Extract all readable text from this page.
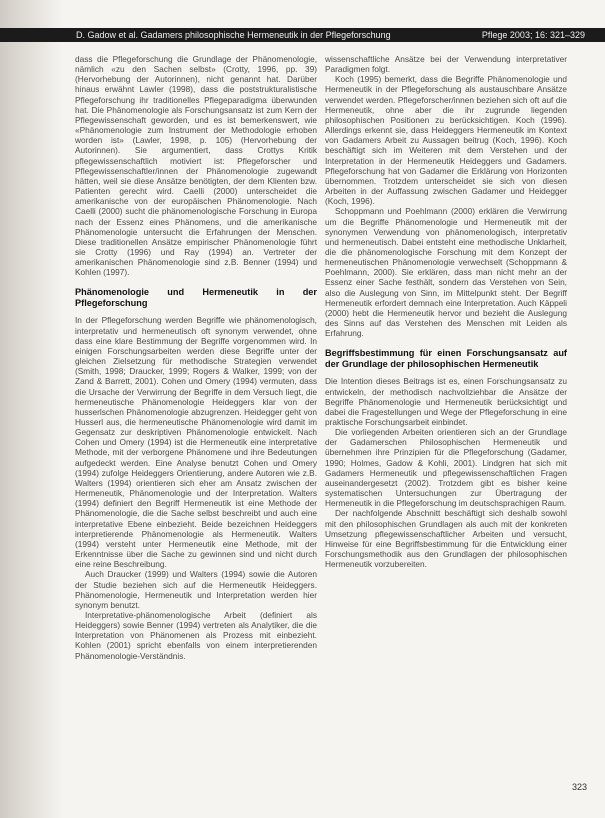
D. Gadow et al. Gadamers philosophische Hermeneutik in der Pflegeforschung	Pflege 2003; 16: 321–329

dass die Pflegeforschung die Grundlage der Phänomenologie, nämlich «zu den Sachen selbst» (Crotty, 1996, pp. 39) (Hervorhebung der Autorinnen), nicht genannt hat. Darüber hinaus erwähnt Lawler (1998), dass die poststrukturalistische Pflegeforschung ihr traditionelles Pflegeparadigma überwunden hat. Die Phänomenologie als Forschungsansatz ist zum Kern der Pflegewissenschaft geworden, und es ist bemerkenswert, wie «Phänomenologie zum Instrument der Methodologie erhoben worden ist» (Lawler, 1998, p. 105) (Hervorhebung der Autorinnen). Sie argumentiert, dass Crottys Kritik pflegewissenschaftlich motiviert ist: Pflegeforscher und Pflegewissenschaftler/innen der Phänomenologie zugewandt hätten, weil sie diese Ansätze benötigten, der dem Klienten bzw. Patienten gerecht wird. Caelli (2000) unterscheidet die amerikanische von der europäischen Phänomenologie. Nach Caelli (2000) sucht die phänomenologische Forschung in Europa nach der Essenz eines Phänomens, und die amerikanische Phänomenologie untersucht die Erfahrungen der Menschen. Diese traditionellen Ansätze empirischer Phänomenologie führt sie Crotty (1996) und Ray (1994) an. Vertreter der amerikanischen Phänomenologie sind z.B. Benner (1994) und Kohlen (1997).

Phänomenologie und Hermeneutik in der Pflegeforschung

In der Pflegeforschung werden Begriffe wie phänomenologisch, interpretativ und hermeneutisch oft synonym verwendet, ohne dass eine klare Bestimmung der Begriffe vorgenommen wird. In einigen Forschungsarbeiten werden diese Begriffe unter der gleichen Zielsetzung für methodische Strategien verwendet (Smith, 1998; Draucker, 1999; Rogers & Walker, 1999; von der Zand & Barrett, 2001). Cohen und Omery (1994) vermuten, dass die Ursache der Verwirrung der Begriffe in dem Versuch liegt, die hermeneutische Phänomenologie Heideggers klar von der husserlschen Phänomenologie abzugrenzen. Heidegger geht von Husserl aus, die hermeneutische Phänomenologie wird damit im Gegensatz zur deskriptiven Phänomenologie entwickelt. Nach Cohen und Omery (1994) ist die Hermeneutik eine interpretative Methode, mit der verborgene Phänomene und ihre Bedeutungen aufgedeckt werden. Eine Analyse benutzt Cohen und Omery (1994) zufolge Heideggers Orientierung, andere Autoren wie z.B. Walters (1994) orientieren sich eher am Ansatz zwischen der Hermeneutik, Phänomenologie und der Interpretation. Walters (1994) definiert den Begriff Hermeneutik ist eine Methode der Phänomenologie, die die Sache selbst beschreibt und auch eine interpretative Ebene einbezieht. Beide bezeichnen Heideggers interpretierende Phänomenologie als Hermeneutik. Walters (1994) versteht unter Hermeneutik eine Methode, mit der Erkenntnisse über die Sache zu gewinnen sind und nicht durch eine reine Beschreibung.

Auch Draucker (1999) und Walters (1994) sowie die Autoren der Studie beziehen sich auf die Hermeneutik Heideggers. Phänomenologie, Hermeneutik und Interpretation werden hier synonym benutzt.

Interpretative-phänomenologische Arbeit (definiert als Heideggers) sowie Benner (1994) vertreten als Analytiker, die die Interpretation von Phänomenen als Prozess mit einbezieht. Kohlen (2001) spricht ebenfalls von einem interpretierenden Phänomenologie-Verständnis.

wissenschaftliche Ansätze bei der Verwendung interpretativer Paradigmen folgt.

Koch (1995) bemerkt, dass die Begriffe Phänomenologie und Hermeneutik in der Pflegeforschung als austauschbare Ansätze verwendet werden. Pflegeforscher/innen beziehen sich oft auf die Hermeneutik, ohne aber die ihr zugrunde liegenden philosophischen Positionen zu berücksichtigen. Koch (1996). Allerdings erkennt sie, dass Heideggers Hermeneutik im Kontext von Gadamers Arbeit zu Aussagen beitrug (Koch, 1996). Koch beschäftigt sich im Weiteren mit dem Verstehen und der Interpretation in der Hermeneutik Heideggers und Gadamers. Pflegeforschung hat von Gadamer die Erklärung von Horizonten übernommen. Trotzdem unterscheidet sie sich von diesen Arbeiten in der Auffassung zwischen Gadamer und Heidegger (Koch, 1996).

Schoppmann und Poehlmann (2000) erklären die Verwirrung um die Begriffe Phänomenologie und Hermeneutik mit der synonymen Verwendung von phänomenologisch, interpretativ und hermeneutisch. Dabei entsteht eine methodische Unklarheit, die die phänomenologische Forschung mit dem Konzept der hermeneutischen Phänomenologie verwechselt (Schoppmann & Poehlmann, 2000). Sie erklären, dass man nicht mehr an der Essenz einer Sache festhält, sondern das Verstehen von Sein, also die Auslegung von Sinn, im Mittelpunkt steht. Der Begriff Hermeneutik erfordert demnach eine Interpretation. Auch Käppeli (2000) hebt die Hermeneutik hervor und bezieht die Auslegung des Sinns auf das Verstehen des Menschen mit Leiden als Erfahrung.

Begriffsbestimmung für einen Forschungsansatz auf der Grundlage der philosophischen Hermeneutik

Die Intention dieses Beitrags ist es, einen Forschungsansatz zu entwickeln, der methodisch nachvollziehbar die Ansätze der Begriffe Phänomenologie und Hermeneutik berücksichtigt und dabei die Fragestellungen und Wege der Pflegeforschung in eine praktische Forschungsarbeit einbindet.

Die vorliegenden Arbeiten orientieren sich an der Grundlage der Gadamerschen Philosophischen Hermeneutik und übernehmen ihre Prinzipien für die Pflegeforschung (Gadamer, 1990; Holmes, Gadow & Kohli, 2001). Lindgren hat sich mit Gadamers Hermeneutik und pflegewissenschaftlichen Fragen auseinandergesetzt (2002). Trotzdem gibt es bisher keine systematischen Untersuchungen zur Übertragung der Hermeneutik in die Pflegeforschung im deutschsprachigen Raum.

Der nachfolgende Abschnitt beschäftigt sich deshalb sowohl mit den philosophischen Grundlagen als auch mit der konkreten Umsetzung pflegewissenschaftlicher Arbeiten und versucht, Hinweise für eine Begriffsbestimmung für die Entwicklung einer Forschungsmethodik aus den Grundlagen der philosophischen Hermeneutik vorzubereiten.

323
